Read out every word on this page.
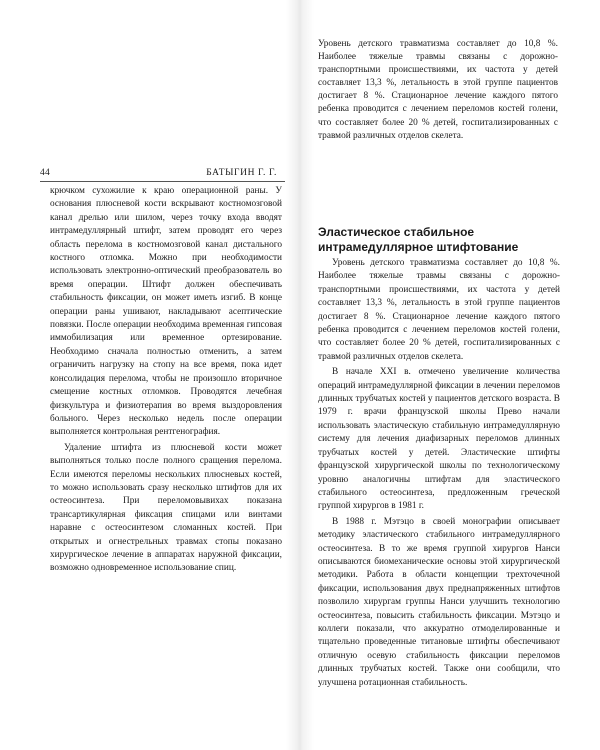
44	БАТЫГИН Г. Г.

крючком сухожилие к краю операционной раны. У основания плюсневой кости вскрывают костномозговой канал дрелью или шилом, через точку входа вводят интрамедуллярный штифт, затем проводят его через область перелома в костномозговой канал дистального костного отломка. Можно при необходимости использовать электронно-оптический преобразователь во время операции. Штифт должен обеспечивать стабильность фиксации, он может иметь изгиб. В конце операции раны ушивают, накладывают асептические повязки. После операции необходима временная гипсовая иммобилизация или временное ортезирование. Необходимо сначала полностью отменить, а затем ограничить нагрузку на стопу на все время, пока идет консолидация перелома, чтобы не произошло вторичное смещение костных отломков. Проводятся лечебная физкультура и физиотерапия во время выздоровления больного. Через несколько недель после операции выполняется контрольная рентгенография.

Удаление штифта из плюсневой кости может выполняться только после полного сращения перелома. Если имеются переломы нескольких плюсневых костей, то можно использовать сразу несколько штифтов для их остеосинтеза. При переломовывихах показана трансартикулярная фиксация спицами или винтами наравне с остеосинтезом сломанных костей. При открытых и огнестрельных травмах стопы показано хирургическое лечение в аппаратах наружной фиксации, возможно одновременное использование спиц.

Уровень детского травматизма составляет до 10,8 %. Наиболее тяжелые травмы связаны с дорожно-транспортными происшествиями, их частота у детей составляет 13,3 %, летальность в этой группе пациентов достигает 8 %. Стационарное лечение каждого пятого ребенка проводится с лечением переломов костей голени, что составляет более 20 % детей, госпитализированных с травмой различных отделов скелета.

Эластическое стабильное интрамедуллярное штифтование

Уровень детского травматизма составляет до 10,8 %. Наиболее тяжелые травмы связаны с дорожно-транспортными происшествиями, их частота у детей составляет 13,3 %, летальность в этой группе пациентов достигает 8 %. Стационарное лечение каждого пятого ребенка проводится с лечением переломов костей голени, что составляет более 20 % детей, госпитализированных с травмой различных отделов скелета.

В начале XXI в. отмечено увеличение количества операций интрамедуллярной фиксации в лечении переломов длинных трубчатых костей у пациентов детского возраста. В 1979 г. врачи французской школы Прево начали использовать эластическую стабильную интрамедуллярную систему для лечения диафизарных переломов длинных трубчатых костей у детей. Эластические штифты французской хирургической школы по технологическому уровню аналогичны штифтам для эластического стабильного остеосинтеза, предложенным греческой группой хирургов в 1981 г.

В 1988 г. Мэтэцо в своей монографии описывает методику эластического стабильного интрамедуллярного остеосинтеза. В то же время группой хирургов Нанси описываются биомеханические основы этой хирургической методики. Работа в области концепции трехточечной фиксации, использования двух преднапряженных штифтов позволило хирургам группы Нанси улучшить технологию остеосинтеза, повысить стабильность фиксации. Мэтэцо и коллеги показали, что аккуратно отмоделированные и тщательно проведенные титановые штифты обеспечивают отличную осевую стабильность фиксации переломов длинных трубчатых костей. Также они сообщили, что улучшена ротационная стабильность.
